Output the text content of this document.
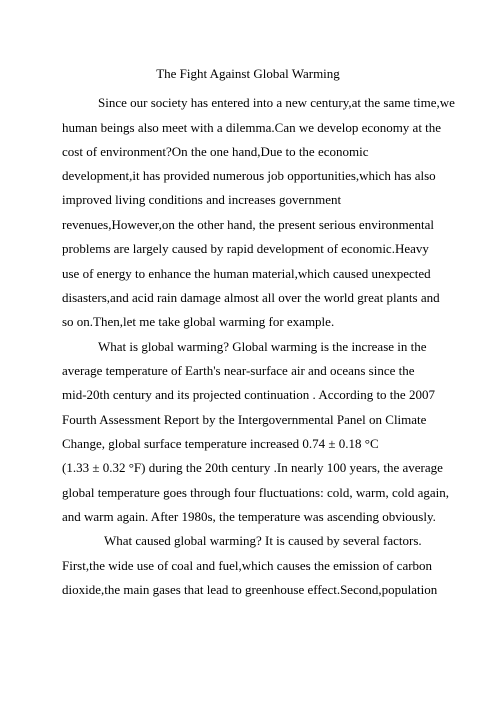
The Fight Against Global Warming
Since our society has entered into a new century,at the same time,we
human beings also meet with a dilemma.Can we develop economy at the
cost of environment?On the one hand,Due to the economic
development,it has provided numerous job opportunities,which has also
improved living conditions and increases government
revenues,However,on the other hand, the present serious environmental
problems are largely caused by rapid development of economic.Heavy
use of energy to enhance the human material,which caused unexpected
disasters,and acid rain damage almost all over the world great plants and
so on.Then,let me take global warming for example.
What is global warming? Global warming is the increase in the
average temperature of Earth's near-surface air and oceans since the
mid-20th century and its projected continuation . According to the 2007
Fourth Assessment Report by the Intergovernmental Panel on Climate
Change, global surface temperature increased 0.74 ± 0.18 °C
(1.33 ± 0.32 °F) during the 20th century .In nearly 100 years, the average
global temperature goes through four fluctuations: cold, warm, cold again,
and warm again. After 1980s, the temperature was ascending obviously.
What caused global warming? It is caused by several factors.
First,the wide use of coal and fuel,which causes the emission of carbon
dioxide,the main gases that lead to greenhouse effect.Second,population
